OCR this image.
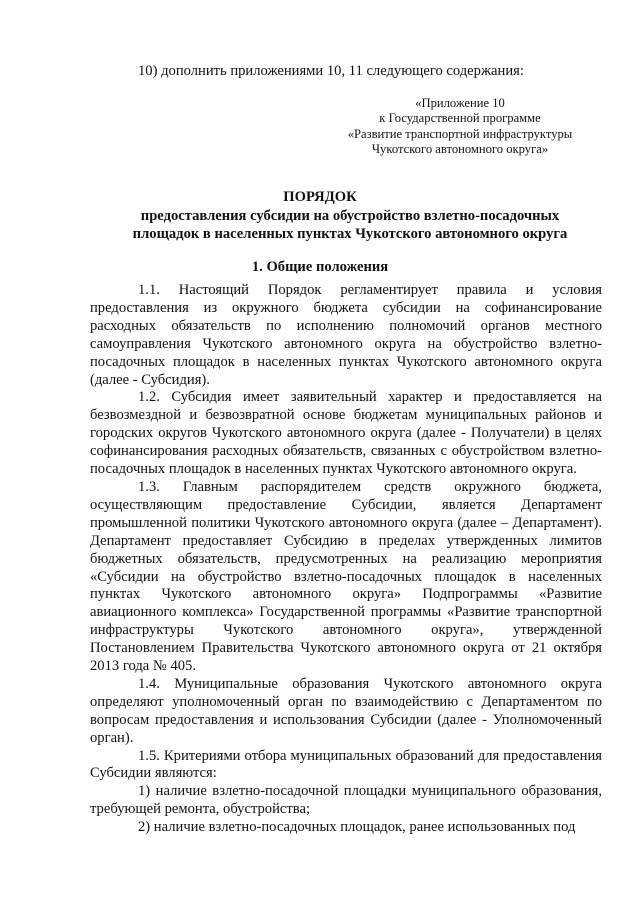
10) дополнить приложениями 10, 11 следующего содержания:
«Приложение 10
к Государственной программе
«Развитие транспортной инфраструктуры
Чукотского автономного округа»
ПОРЯДОК
предоставления субсидии на обустройство взлетно-посадочных
площадок в населенных пунктах Чукотского автономного округа
1. Общие положения

1.1. Настоящий Порядок регламентирует правила и условия предоставления из окружного бюджета субсидии на софинансирование расходных обязательств по исполнению полномочий органов местного самоуправления Чукотского автономного округа на обустройство взлетно-посадочных площадок в населенных пунктах Чукотского автономного округа (далее - Субсидия).

1.2. Субсидия имеет заявительный характер и предоставляется на безвозмездной и безвозвратной основе бюджетам муниципальных районов и городских округов Чукотского автономного округа (далее - Получатели) в целях софинансирования расходных обязательств, связанных с обустройством взлетно-посадочных площадок в населенных пунктах Чукотского автономного округа.

1.3. Главным распорядителем средств окружного бюджета, осуществляющим предоставление Субсидии, является Департамент промышленной политики Чукотского автономного округа (далее – Департамент). Департамент предоставляет Субсидию в пределах утвержденных лимитов бюджетных обязательств, предусмотренных на реализацию мероприятия «Субсидии на обустройство взлетно-посадочных площадок в населенных пунктах Чукотского автономного округа» Подпрограммы «Развитие авиационного комплекса» Государственной программы «Развитие транспортной инфраструктуры Чукотского автономного округа», утвержденной Постановлением Правительства Чукотского автономного округа от 21 октября 2013 года № 405.

1.4. Муниципальные образования Чукотского автономного округа определяют уполномоченный орган по взаимодействию с Департаментом по вопросам предоставления и использования Субсидии (далее - Уполномоченный орган).

1.5. Критериями отбора муниципальных образований для предоставления Субсидии являются:

1) наличие взлетно-посадочной площадки муниципального образования, требующей ремонта, обустройства;

2) наличие взлетно-посадочных площадок, ранее использованных под
